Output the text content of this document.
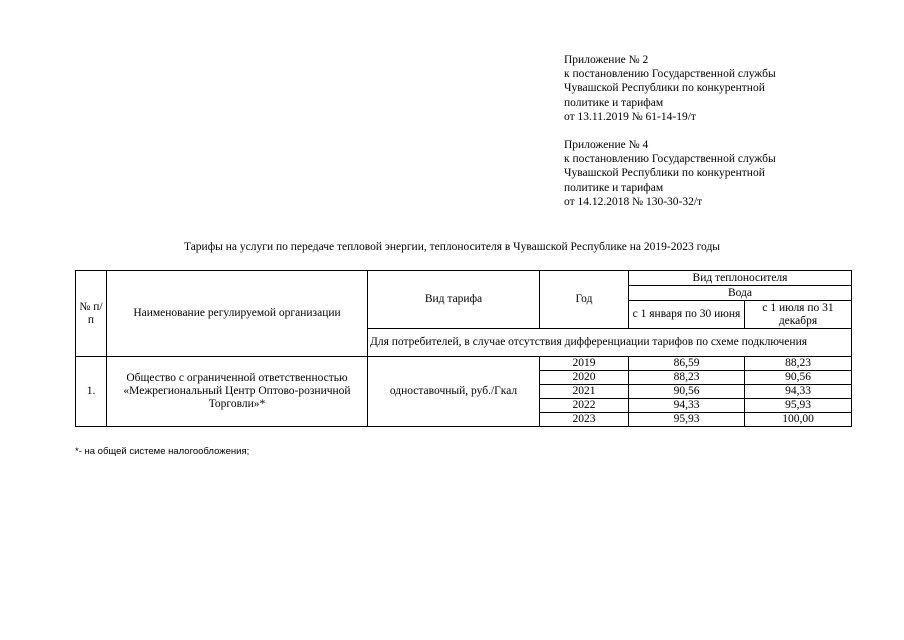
Приложение № 2
к постановлению Государственной службы
Чувашской Республики по конкурентной
политике и тарифам
от 13.11.2019 № 61-14-19/т
Приложение № 4
к постановлению Государственной службы
Чувашской Республики по конкурентной
политике и тарифам
от 14.12.2018 № 130-30-32/т
Тарифы на услуги по передаче тепловой энергии, теплоносителя в Чувашской Республике на 2019-2023 годы
№ п/п	Наименование регулируемой организации	Вид тарифа	Год	Вид теплоносителя	
				Вода	
				с 1 января по 30 июня	с 1 июля по 31 декабря
		Для потребителей, в случае отсутствия дифференциации тарифов по схеме подключения			
1.	Общество с ограниченной ответственностью «Межрегиональный Центр Оптово-розничной Торговли»*	одноставочный, руб./Гкал	2019	86,59	88,23
			2020	88,23	90,56
			2021	90,56	94,33
			2022	94,33	95,93
			2023	95,93	100,00
*- на общей системе налогообложения;
